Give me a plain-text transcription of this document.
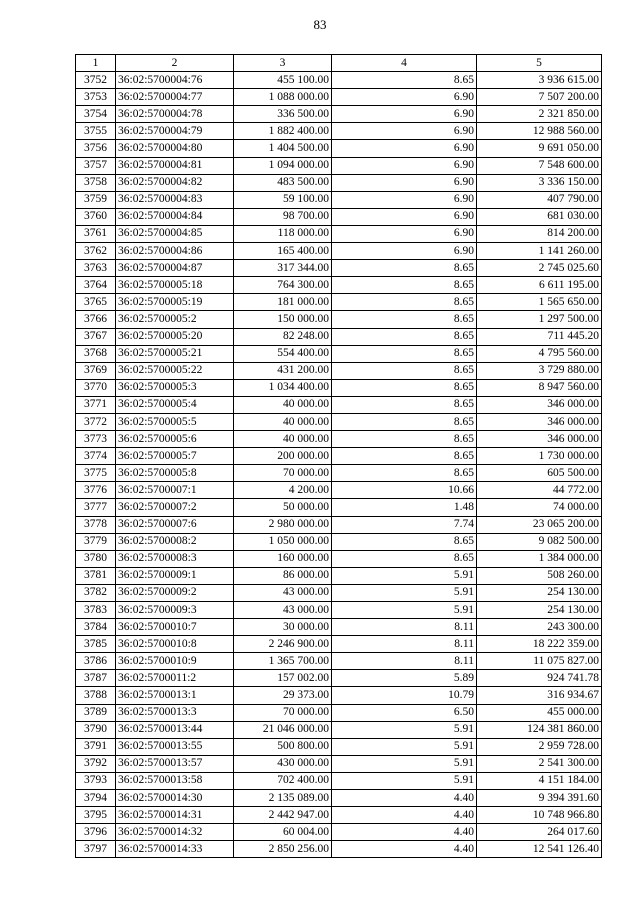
83
1	2	3	4	5
3752	36:02:5700004:76	455 100.00	8.65	3 936 615.00
3753	36:02:5700004:77	1 088 000.00	6.90	7 507 200.00
3754	36:02:5700004:78	336 500.00	6.90	2 321 850.00
3755	36:02:5700004:79	1 882 400.00	6.90	12 988 560.00
3756	36:02:5700004:80	1 404 500.00	6.90	9 691 050.00
3757	36:02:5700004:81	1 094 000.00	6.90	7 548 600.00
3758	36:02:5700004:82	483 500.00	6.90	3 336 150.00
3759	36:02:5700004:83	59 100.00	6.90	407 790.00
3760	36:02:5700004:84	98 700.00	6.90	681 030.00
3761	36:02:5700004:85	118 000.00	6.90	814 200.00
3762	36:02:5700004:86	165 400.00	6.90	1 141 260.00
3763	36:02:5700004:87	317 344.00	8.65	2 745 025.60
3764	36:02:5700005:18	764 300.00	8.65	6 611 195.00
3765	36:02:5700005:19	181 000.00	8.65	1 565 650.00
3766	36:02:5700005:2	150 000.00	8.65	1 297 500.00
3767	36:02:5700005:20	82 248.00	8.65	711 445.20
3768	36:02:5700005:21	554 400.00	8.65	4 795 560.00
3769	36:02:5700005:22	431 200.00	8.65	3 729 880.00
3770	36:02:5700005:3	1 034 400.00	8.65	8 947 560.00
3771	36:02:5700005:4	40 000.00	8.65	346 000.00
3772	36:02:5700005:5	40 000.00	8.65	346 000.00
3773	36:02:5700005:6	40 000.00	8.65	346 000.00
3774	36:02:5700005:7	200 000.00	8.65	1 730 000.00
3775	36:02:5700005:8	70 000.00	8.65	605 500.00
3776	36:02:5700007:1	4 200.00	10.66	44 772.00
3777	36:02:5700007:2	50 000.00	1.48	74 000.00
3778	36:02:5700007:6	2 980 000.00	7.74	23 065 200.00
3779	36:02:5700008:2	1 050 000.00	8.65	9 082 500.00
3780	36:02:5700008:3	160 000.00	8.65	1 384 000.00
3781	36:02:5700009:1	86 000.00	5.91	508 260.00
3782	36:02:5700009:2	43 000.00	5.91	254 130.00
3783	36:02:5700009:3	43 000.00	5.91	254 130.00
3784	36:02:5700010:7	30 000.00	8.11	243 300.00
3785	36:02:5700010:8	2 246 900.00	8.11	18 222 359.00
3786	36:02:5700010:9	1 365 700.00	8.11	11 075 827.00
3787	36:02:5700011:2	157 002.00	5.89	924 741.78
3788	36:02:5700013:1	29 373.00	10.79	316 934.67
3789	36:02:5700013:3	70 000.00	6.50	455 000.00
3790	36:02:5700013:44	21 046 000.00	5.91	124 381 860.00
3791	36:02:5700013:55	500 800.00	5.91	2 959 728.00
3792	36:02:5700013:57	430 000.00	5.91	2 541 300.00
3793	36:02:5700013:58	702 400.00	5.91	4 151 184.00
3794	36:02:5700014:30	2 135 089.00	4.40	9 394 391.60
3795	36:02:5700014:31	2 442 947.00	4.40	10 748 966.80
3796	36:02:5700014:32	60 004.00	4.40	264 017.60
3797	36:02:5700014:33	2 850 256.00	4.40	12 541 126.40
